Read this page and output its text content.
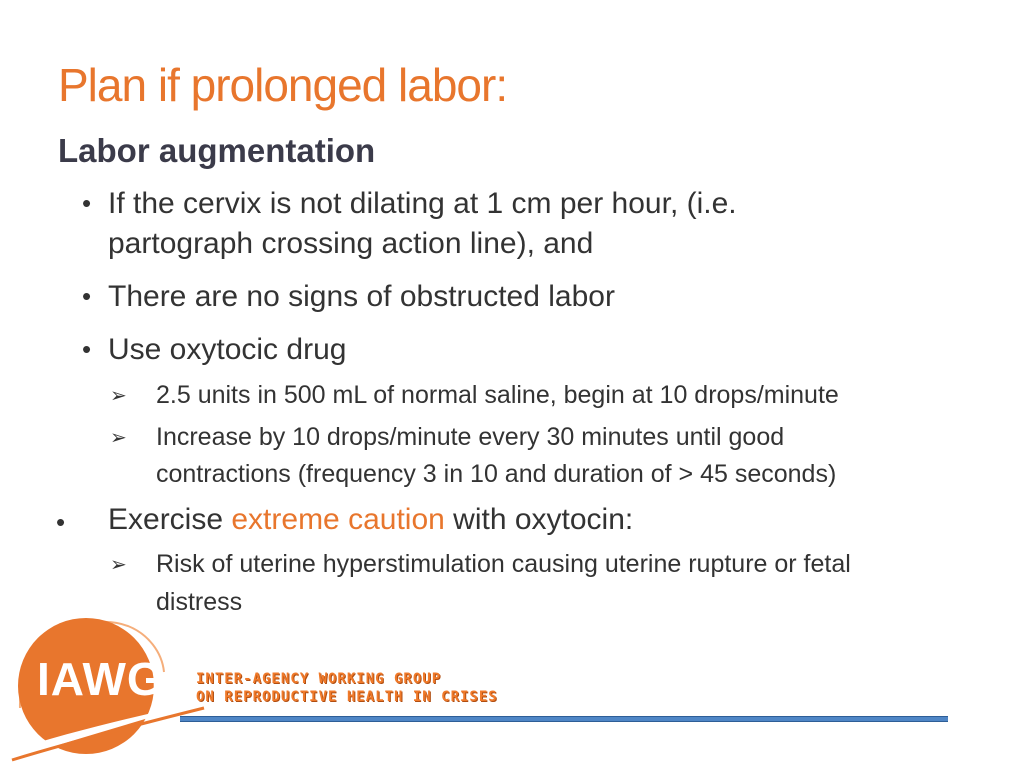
Plan if prolonged labor:
Labor augmentation
• If the cervix is not dilating at 1 cm per hour, (i.e.
partograph crossing action line), and
• There are no signs of obstructed labor
• Use oxytocic drug
➢ 2.5 units in 500 mL of normal saline, begin at 10 drops/minute
➢ Increase by 10 drops/minute every 30 minutes until good
contractions (frequency 3 in 10 and duration of > 45 seconds)
• Exercise extreme caution with oxytocin:
➢ Risk of uterine hyperstimulation causing uterine rupture or fetal
distress
IAWG INTER-AGENCY WORKING GROUP
ON REPRODUCTIVE HEALTH IN CRISES
